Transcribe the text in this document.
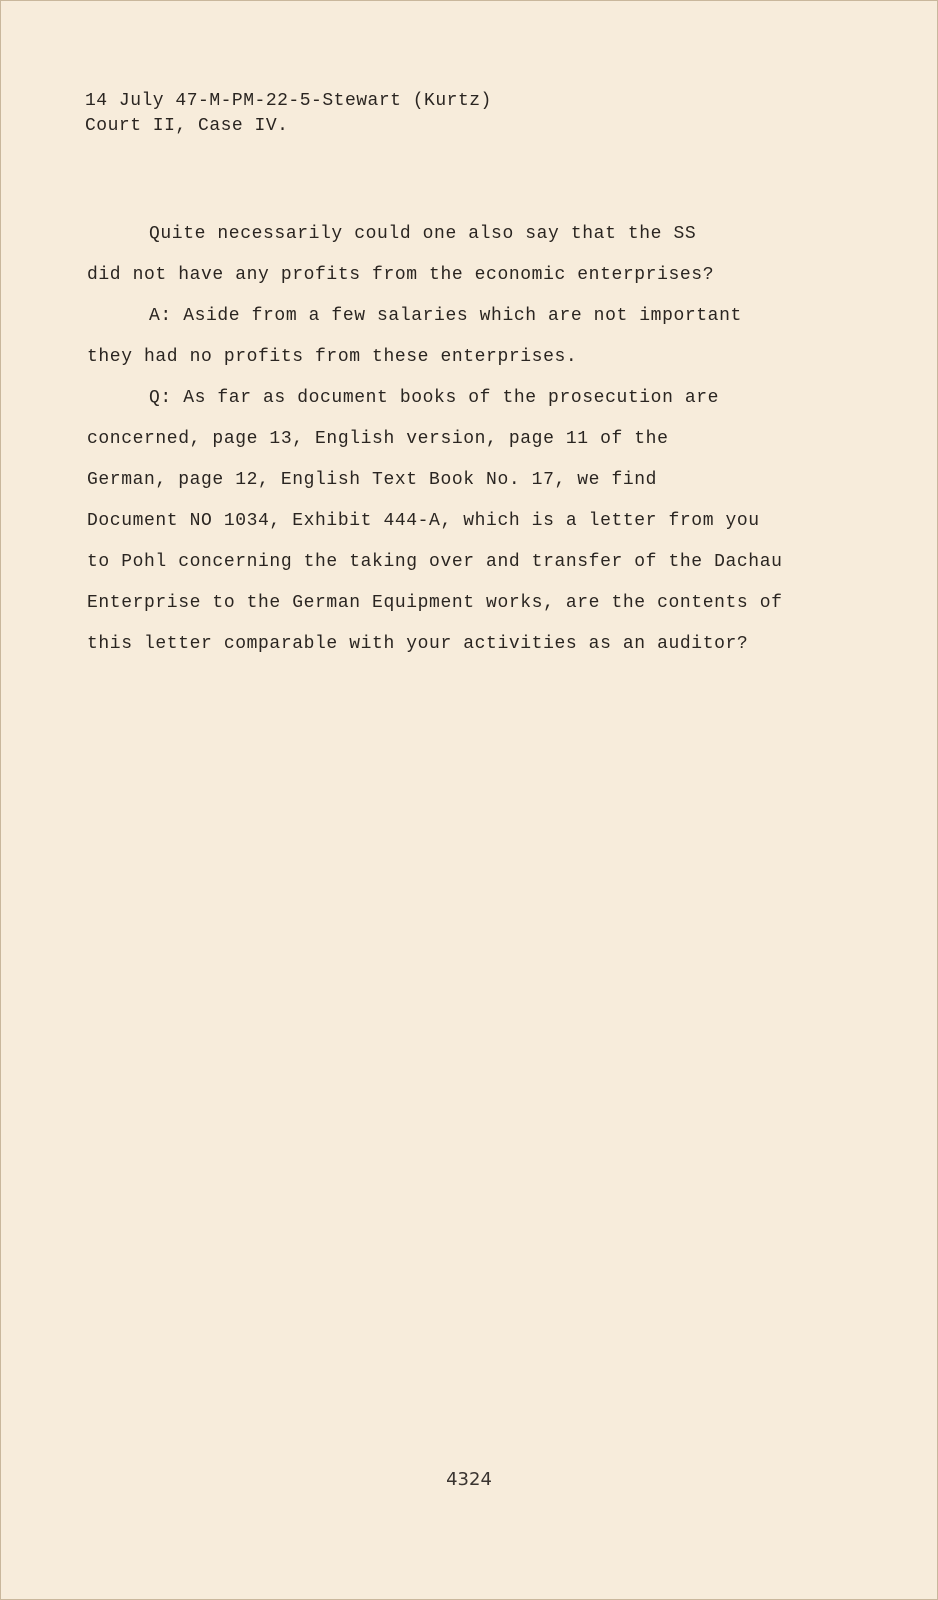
14 July 47-M-PM-22-5-Stewart (Kurtz)
Court II, Case IV.
Quite necessarily could one also say that the SS
did not have any profits from the economic enterprises?
A: Aside from a few salaries which are not important
they had no profits from these enterprises.
Q: As far as document books of the prosecution are
concerned, page 13, English version, page 11 of the
German, page 12, English Text Book No. 17, we find
Document NO 1034, Exhibit 444-A, which is a letter from you
to Pohl concerning the taking over and transfer of the Dachau
Enterprise to the German Equipment works, are the contents of
this letter comparable with your activities as an auditor?
4324
